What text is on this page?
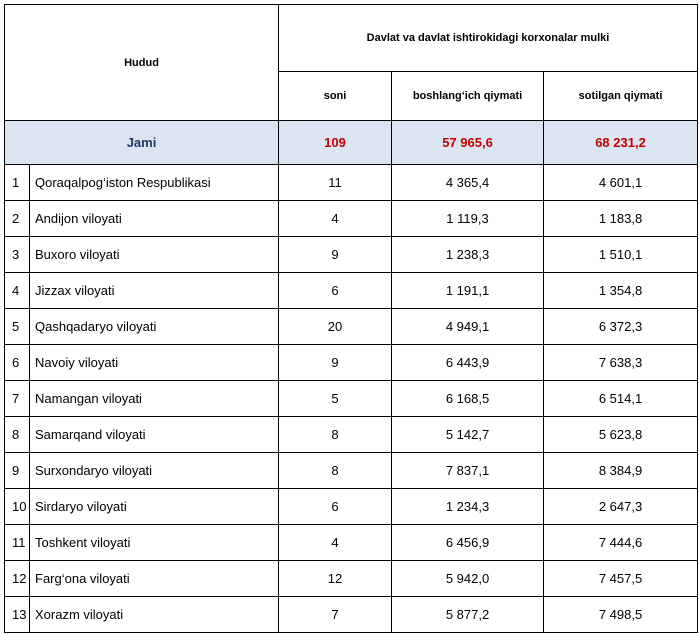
Hudud		Davlat va davlat ishtirokidagi korxonalar mulki		
		soni	boshlang‘ich qiymati	sotilgan qiymati
Jami		109	57 965,6	68 231,2
1	Qoraqalpog‘iston Respublikasi	11	4 365,4	4 601,1
2	Andijon viloyati	4	1 119,3	1 183,8
3	Buxoro viloyati	9	1 238,3	1 510,1
4	Jizzax viloyati	6	1 191,1	1 354,8
5	Qashqadaryo viloyati	20	4 949,1	6 372,3
6	Navoiy viloyati	9	6 443,9	7 638,3
7	Namangan viloyati	5	6 168,5	6 514,1
8	Samarqand viloyati	8	5 142,7	5 623,8
9	Surxondaryo viloyati	8	7 837,1	8 384,9
10	Sirdaryo viloyati	6	1 234,3	2 647,3
11	Toshkent viloyati	4	6 456,9	7 444,6
12	Farg‘ona viloyati	12	5 942,0	7 457,5
13	Xorazm viloyati	7	5 877,2	7 498,5
